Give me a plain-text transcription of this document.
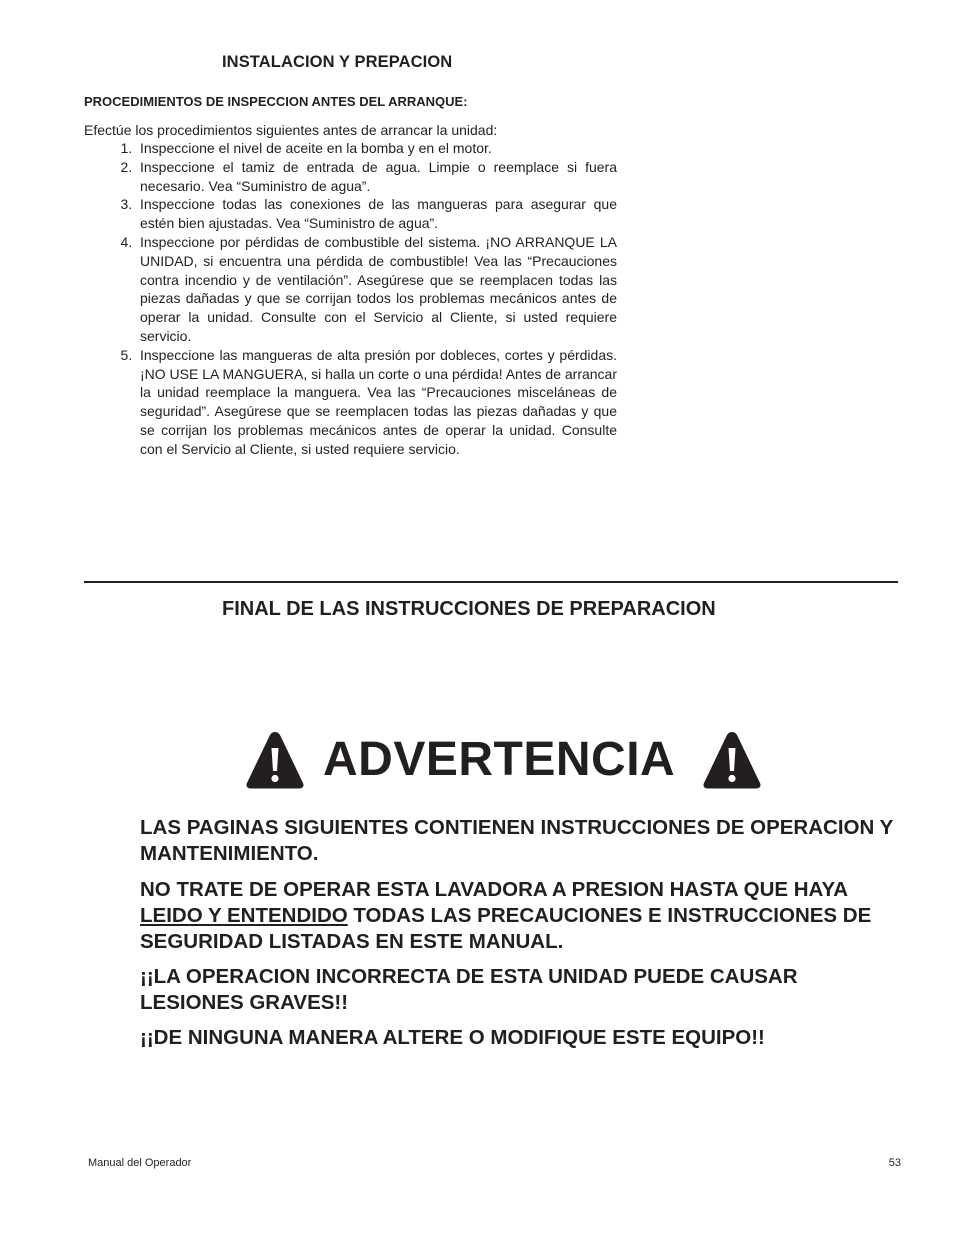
INSTALACION Y PREPACION
PROCEDIMIENTOS DE INSPECCION ANTES DEL ARRANQUE:
Efectúe los procedimientos siguientes antes de arrancar la unidad:
1. Inspeccione el nivel de aceite en la bomba y en el motor.
2. Inspeccione el tamiz de entrada de agua. Limpie o reemplace si fuera necesario. Vea “Suministro de agua”.
3. Inspeccione todas las conexiones de las mangueras para asegurar que estén bien ajustadas. Vea “Suministro de agua”.
4. Inspeccione por pérdidas de combustible del sistema. ¡NO ARRANQUE LA UNIDAD, si encuentra una pérdida de combustible! Vea las “Precauciones contra incendio y de ventilación”. Asegúrese que se reemplacen todas las piezas dañadas y que se corrijan todos los problemas mecánicos antes de operar la unidad. Consulte con el Servicio al Cliente, si usted requiere servicio.
5. Inspeccione las mangueras de alta presión por dobleces, cortes y pérdidas. ¡NO USE LA MANGUERA, si halla un corte o una pérdida! Antes de arrancar la unidad reemplace la manguera. Vea las “Precauciones misceláneas de seguridad”. Asegúrese que se reemplacen todas las piezas dañadas y que se corrijan los problemas mecánicos antes de operar la unidad. Consulte con el Servicio al Cliente, si usted requiere servicio.
FINAL DE LAS INSTRUCCIONES DE PREPARACION
ADVERTENCIA
LAS PAGINAS SIGUIENTES CONTIENEN INSTRUCCIONES DE OPERACION Y MANTENIMIENTO.
NO TRATE DE OPERAR ESTA LAVADORA A PRESION HASTA QUE HAYA LEIDO Y ENTENDIDO TODAS LAS PRECAUCIONES E INSTRUCCIONES DE SEGURIDAD LISTADAS EN ESTE MANUAL.
¡¡LA OPERACION INCORRECTA DE ESTA UNIDAD PUEDE CAUSAR LESIONES GRAVES!!
¡¡DE NINGUNA MANERA ALTERE O MODIFIQUE ESTE EQUIPO!!
Manual del Operador	53
